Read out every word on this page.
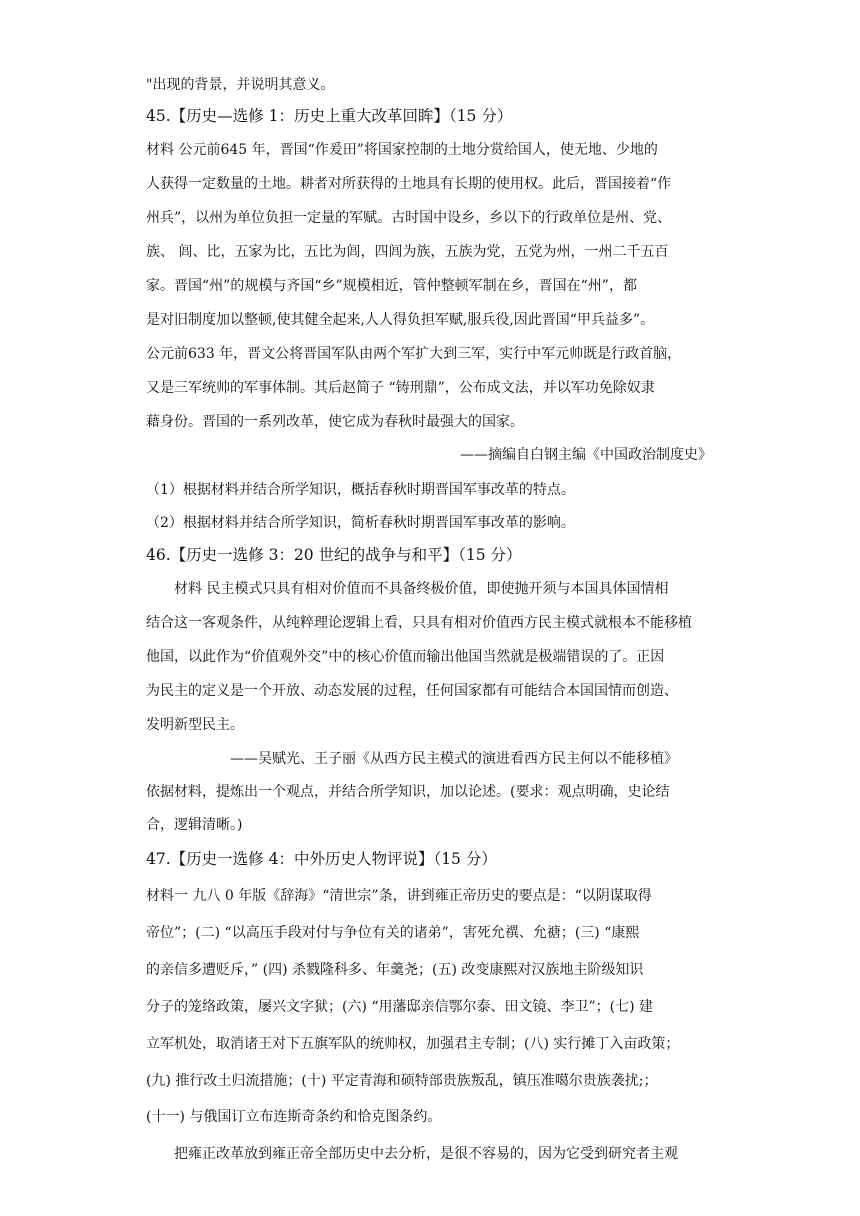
"出现的背景，并说明其意义。
45.【历史—选修 1：历史上重大改革回眸】（15 分）
材料 公元前645 年，晋国“作爰田”将国家控制的土地分赏给国人，使无地、少地的
人获得一定数量的土地。耕者对所获得的土地具有长期的使用权。此后，晋国接着“作
州兵”，以州为单位负担一定量的军赋。古时国中设乡，乡以下的行政单位是州、党、
族、 闾、比，五家为比，五比为闾，四闾为族，五族为党，五党为州，一州二千五百
家。晋国“州”的规模与齐国“乡”规模相近，管仲整顿军制在乡，晋国在“州”，都
是对旧制度加以整顿,使其健全起来,人人得负担军赋,服兵役,因此晋国“甲兵益多”。
公元前633 年，晋文公将晋国军队由两个军扩大到三军，实行中军元帅既是行政首脑，
又是三军统帅的军事体制。其后赵简子 “铸刑鼎”，公布成文法，并以军功免除奴隶
藉身份。晋国的一系列改革，使它成为春秋时最强大的国家。
——摘编自白钢主编《中国政治制度史》
（1）根据材料并结合所学知识，概括春秋时期晋国军事改革的特点。
（2）根据材料并结合所学知识，简析春秋时期晋国军事改革的影响。
46.【历史一选修 3：20 世纪的战争与和平】（15 分）
材料 民主模式只具有相对价值而不具备终极价值，即使抛开须与本国具体国情相
结合这一客观条件，从纯粹理论逻辑上看，只具有相对价值西方民主模式就根本不能移植
他国，以此作为“价值观外交”中的核心价值而输出他国当然就是极端错误的了。正因
为民主的定义是一个开放、动态发展的过程，任何国家都有可能结合本国国情而创造、
发明新型民主。
——吴赋光、王子丽《从西方民主模式的演进看西方民主何以不能移植》
依据材料，提炼出一个观点，并结合所学知识，加以论述。(要求：观点明确，史论结
合，逻辑清晰。)
47.【历史一选修 4：中外历史人物评说】（15 分）
材料一 九八 0 年版《辞海》“清世宗”条，讲到雍正帝历史的要点是：“以阴谋取得
帝位”；(二) “以高压手段对付与争位有关的诸弟”，害死允禩、允禟；(三) “康熙
的亲信多遭贬斥，” (四) 杀戮隆科多、年羹尧；(五) 改变康熙对汉族地主阶级知识
分子的笼络政策，屡兴文字狱；(六) “用藩邸亲信鄂尔泰、田文镜、李卫”；(七) 建
立军机处，取消诸王对下五旗军队的统帅权，加强君主专制；(八) 实行摊丁入亩政策；
(九) 推行改土归流措施；(十) 平定青海和硕特部贵族叛乱，镇压准噶尔贵族袭扰;；
(十一) 与俄国订立布连斯奇条约和恰克图条约。
把雍正改革放到雍正帝全部历史中去分析，是很不容易的，因为它受到研究者主观
